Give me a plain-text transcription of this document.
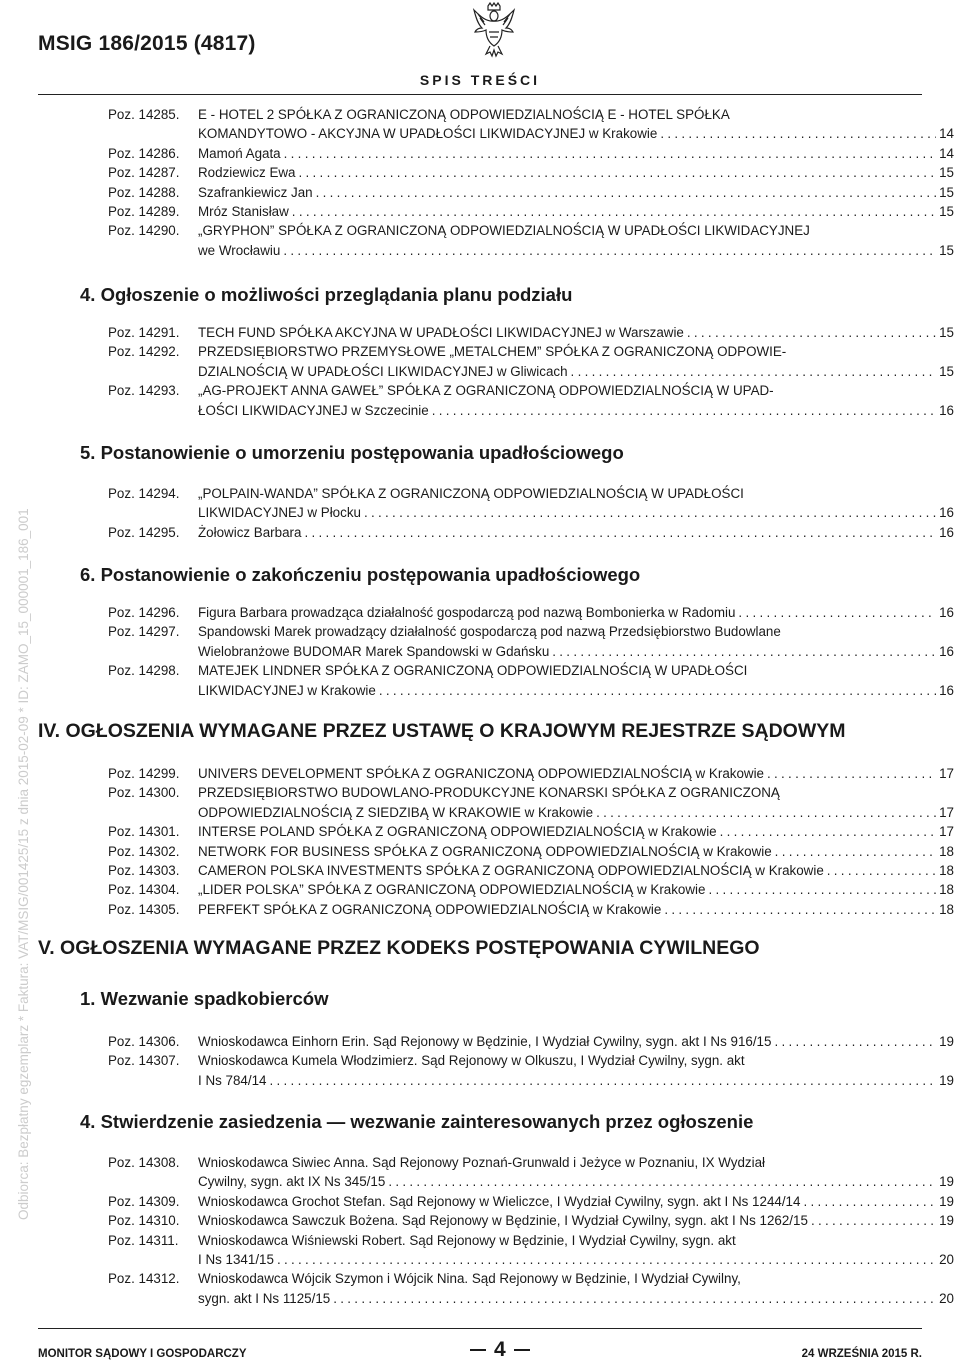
MSIG 186/2015 (4817)
SPIS TREŚCI
Odbiorca: Bezpłatny egzemplarz * Faktura: VAT/MSIG/001425/15 z dnia 2015-02-09 * ID: ZAMO_15_000001_186_001
Poz. 14285. E - HOTEL 2 SPÓŁKA Z OGRANICZONĄ ODPOWIEDZIALNOŚCIĄ E - HOTEL SPÓŁKA
KOMANDYTOWO - AKCYJNA W UPADŁOŚCI LIKWIDACYJNEJ w Krakowie .....	14
Poz. 14286. Mamoń Agata .....	14
Poz. 14287. Rodziewicz Ewa .....	15
Poz. 14288. Szafrankiewicz Jan .....	15
Poz. 14289. Mróz Stanisław .....	15
Poz. 14290. „GRYPHON” SPÓŁKA Z OGRANICZONĄ ODPOWIEDZIALNOŚCIĄ W UPADŁOŚCI LIKWIDACYJNEJ
we Wrocławiu .....	15
4. Ogłoszenie o możliwości przeglądania planu podziału
Poz. 14291. TECH FUND SPÓŁKA AKCYJNA W UPADŁOŚCI LIKWIDACYJNEJ w Warszawie .....	15
Poz. 14292. PRZEDSIĘBIORSTWO PRZEMYSŁOWE „METALCHEM” SPÓŁKA Z OGRANICZONĄ ODPOWIE-
DZIALNOŚCIĄ W UPADŁOŚCI LIKWIDACYJNEJ w Gliwicach .....	15
Poz. 14293. „AG-PROJEKT ANNA GAWEŁ” SPÓŁKA Z OGRANICZONĄ ODPOWIEDZIALNOŚCIĄ W UPAD-
ŁOŚCI LIKWIDACYJNEJ w Szczecinie .....	16
5. Postanowienie o umorzeniu postępowania upadłościowego
Poz. 14294. „POLPAIN-WANDA” SPÓŁKA Z OGRANICZONĄ ODPOWIEDZIALNOŚCIĄ W UPADŁOŚCI
LIKWIDACYJNEJ w Płocku .....	16
Poz. 14295. Żołowicz Barbara .....	16
6. Postanowienie o zakończeniu postępowania upadłościowego
Poz. 14296. Figura Barbara prowadząca działalność gospodarczą pod nazwą Bombonierka w Radomiu .....	16
Poz. 14297. Spandowski Marek prowadzący działalność gospodarczą pod nazwą Przedsiębiorstwo Budowlane
Wielobranżowe BUDOMAR Marek Spandowski w Gdańsku .....	16
Poz. 14298. MATEJEK LINDNER SPÓŁKA Z OGRANICZONĄ ODPOWIEDZIALNOŚCIĄ W UPADŁOŚCI
LIKWIDACYJNEJ w Krakowie .....	16
IV. OGŁOSZENIA WYMAGANE PRZEZ USTAWĘ O KRAJOWYM REJESTRZE SĄDOWYM
Poz. 14299. UNIVERS DEVELOPMENT SPÓŁKA Z OGRANICZONĄ ODPOWIEDZIALNOŚCIĄ w Krakowie .....	17
Poz. 14300. PRZEDSIĘBIORSTWO BUDOWLANO-PRODUKCYJNE KONARSKI SPÓŁKA Z OGRANICZONĄ
ODPOWIEDZIALNOŚCIĄ Z SIEDZIBĄ W KRAKOWIE w Krakowie .....	17
Poz. 14301. INTERSE POLAND SPÓŁKA Z OGRANICZONĄ ODPOWIEDZIALNOŚCIĄ w Krakowie .....	17
Poz. 14302. NETWORK FOR BUSINESS SPÓŁKA Z OGRANICZONĄ ODPOWIEDZIALNOŚCIĄ w Krakowie .....	18
Poz. 14303. CAMERON POLSKA INVESTMENTS SPÓŁKA Z OGRANICZONĄ ODPOWIEDZIALNOŚCIĄ w Krakowie .....	18
Poz. 14304. „LIDER POLSKA” SPÓŁKA Z OGRANICZONĄ ODPOWIEDZIALNOŚCIĄ w Krakowie .....	18
Poz. 14305. PERFEKT SPÓŁKA Z OGRANICZONĄ ODPOWIEDZIALNOŚCIĄ w Krakowie .....	18
V. OGŁOSZENIA WYMAGANE PRZEZ KODEKS POSTĘPOWANIA CYWILNEGO
1. Wezwanie spadkobierców
Poz. 14306. Wnioskodawca Einhorn Erin. Sąd Rejonowy w Będzinie, I Wydział Cywilny, sygn. akt I Ns 916/15 .....	19
Poz. 14307. Wnioskodawca Kumela Włodzimierz. Sąd Rejonowy w Olkuszu, I Wydział Cywilny, sygn. akt
I Ns 784/14 .....	19
4. Stwierdzenie zasiedzenia — wezwanie zainteresowanych przez ogłoszenie
Poz. 14308. Wnioskodawca Siwiec Anna. Sąd Rejonowy Poznań-Grunwald i Jeżyce w Poznaniu, IX Wydział
Cywilny, sygn. akt IX Ns 345/15 .....	19
Poz. 14309. Wnioskodawca Grochot Stefan. Sąd Rejonowy w Wieliczce, I Wydział Cywilny, sygn. akt I Ns 1244/14 .....	19
Poz. 14310. Wnioskodawca Sawczuk Bożena. Sąd Rejonowy w Będzinie, I Wydział Cywilny, sygn. akt I Ns 1262/15 .....	19
Poz. 14311. Wnioskodawca Wiśniewski Robert. Sąd Rejonowy w Będzinie, I Wydział Cywilny, sygn. akt
I Ns 1341/15 .....	20
Poz. 14312. Wnioskodawca Wójcik Szymon i Wójcik Nina. Sąd Rejonowy w Będzinie, I Wydział Cywilny,
sygn. akt I Ns 1125/15 .....	20
MONITOR SĄDOWY I GOSPODARCZY	4	24 WRZEŚNIA 2015 R.
